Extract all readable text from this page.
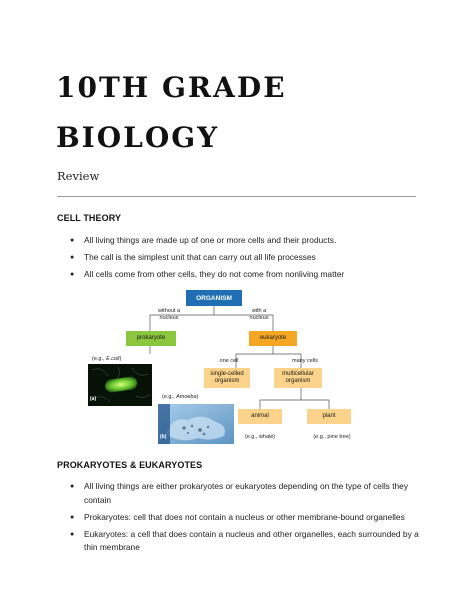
10TH GRADE
BIOLOGY

Review

CELL THEORY
● All living things are made up of one or more cells and their products.
● The call is the simplest unit that can carry out all life processes
● All cells come from other cells, they do not come from nonliving matter
ORGANISM
without a nucleus
with a nucleus
prokaryote	eukaryote
(e.g., E.coli)	one cell	many cells
(a)
single-celled organism
multicellular organism
(e.g., Amoeba)
(b)
animal	plant
(e.g., whale)	(e.g., pine tree)
PROKARYOTES & EUKARYOTES
● All living things are either prokaryotes or eukaryotes depending on the type of cells they contain
● Prokaryotes: cell that does not contain a nucleus or other membrane-bound organelles
● Eukaryotes: a cell that does contain a nucleus and other organelles, each surrounded by a thin membrane
